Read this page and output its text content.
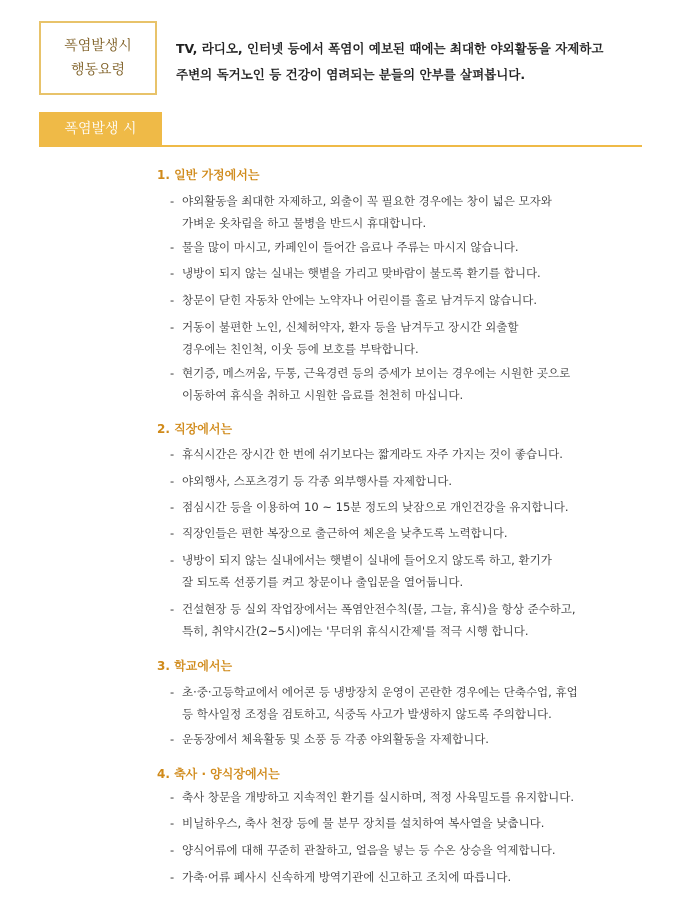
폭염발생시
행동요령
TV, 라디오, 인터넷 등에서 폭염이 예보된 때에는 최대한 야외활동을 자제하고
주변의 독거노인 등 건강이 염려되는 분들의 안부를 살펴봅니다.
폭염발생 시
1. 일반 가정에서는
- 야외활동을 최대한 자제하고, 외출이 꼭 필요한 경우에는 창이 넓은 모자와
가벼운 옷차림을 하고 물병을 반드시 휴대합니다.
- 물을 많이 마시고, 카페인이 들어간 음료나 주류는 마시지 않습니다.
- 냉방이 되지 않는 실내는 햇볕을 가리고 맞바람이 불도록 환기를 합니다.
- 창문이 닫힌 자동차 안에는 노약자나 어린이를 홀로 남겨두지 않습니다.
- 거동이 불편한 노인, 신체허약자, 환자 등을 남겨두고 장시간 외출할
경우에는 친인척, 이웃 등에 보호를 부탁합니다.
- 현기증, 메스꺼움, 두통, 근육경련 등의 증세가 보이는 경우에는 시원한 곳으로
이동하여 휴식을 취하고 시원한 음료를 천천히 마십니다.
2. 직장에서는
- 휴식시간은 장시간 한 번에 쉬기보다는 짧게라도 자주 가지는 것이 좋습니다.
- 야외행사, 스포츠경기 등 각종 외부행사를 자제합니다.
- 점심시간 등을 이용하여 10 ~ 15분 정도의 낮잠으로 개인건강을 유지합니다.
- 직장인들은 편한 복장으로 출근하여 체온을 낮추도록 노력합니다.
- 냉방이 되지 않는 실내에서는 햇볕이 실내에 들어오지 않도록 하고, 환기가
잘 되도록 선풍기를 켜고 창문이나 출입문을 열어둡니다.
- 건설현장 등 실외 작업장에서는 폭염안전수칙(물, 그늘, 휴식)을 항상 준수하고,
특히, 취약시간(2~5시)에는 '무더위 휴식시간제'를 적극 시행 합니다.
3. 학교에서는
- 초·중·고등학교에서 에어콘 등 냉방장치 운영이 곤란한 경우에는 단축수업, 휴업
등 학사일정 조정을 검토하고, 식중독 사고가 발생하지 않도록 주의합니다.
- 운동장에서 체육활동 및 소풍 등 각종 야외활동을 자제합니다.
4. 축사 · 양식장에서는
- 축사 창문을 개방하고 지속적인 환기를 실시하며, 적정 사육밀도를 유지합니다.
- 비닐하우스, 축사 천장 등에 물 분무 장치를 설치하여 복사열을 낮춥니다.
- 양식어류에 대해 꾸준히 관찰하고, 얼음을 넣는 등 수온 상승을 억제합니다.
- 가축·어류 폐사시 신속하게 방역기관에 신고하고 조치에 따릅니다.
